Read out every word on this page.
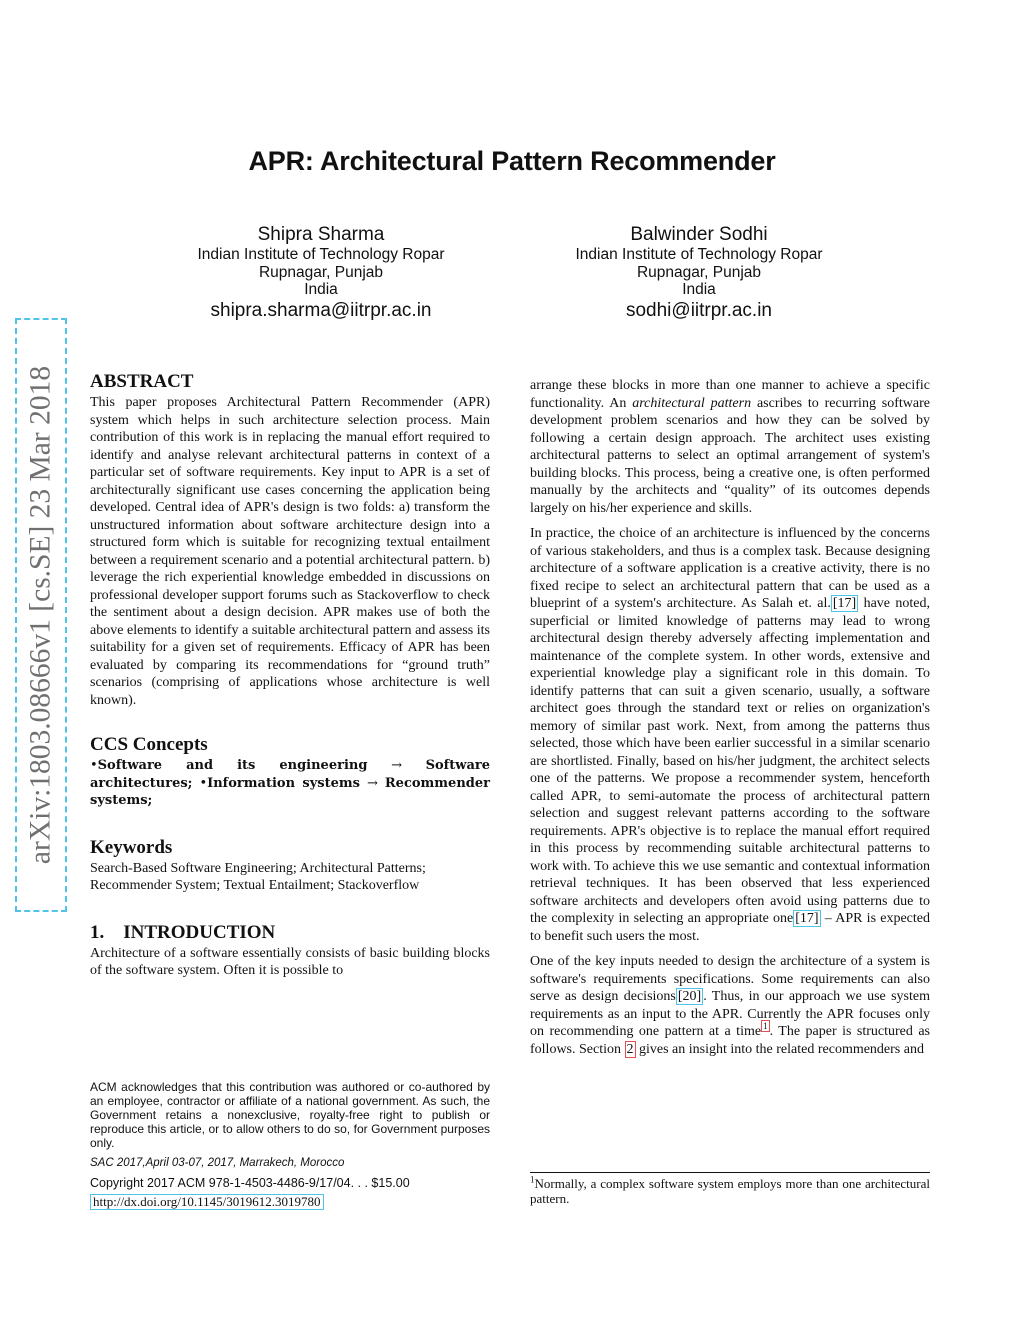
APR: Architectural Pattern Recommender
Shipra Sharma
Indian Institute of Technology Ropar
Rupnagar, Punjab
India
shipra.sharma@iitrpr.ac.in
Balwinder Sodhi
Indian Institute of Technology Ropar
Rupnagar, Punjab
India
sodhi@iitrpr.ac.in
arXiv:1803.08666v1 [cs.SE] 23 Mar 2018 ABSTRACT

This paper proposes Architectural Pattern Recommender (APR) system which helps in such architecture selection process. Main contribution of this work is in replacing the manual effort required to identify and analyse relevant architectural patterns in context of a particular set of software requirements. Key input to APR is a set of architecturally significant use cases concerning the application being developed. Central idea of APR's design is two folds: a) transform the unstructured information about software architecture design into a structured form which is suitable for recognizing textual entailment between a requirement scenario and a potential architectural pattern. b) leverage the rich experiential knowledge embedded in discussions on professional developer support forums such as Stackoverflow to check the sentiment about a design decision. APR makes use of both the above elements to identify a suitable architectural pattern and assess its suitability for a given set of requirements. Efficacy of APR has been evaluated by comparing its recommendations for “ground truth” scenarios (comprising of applications whose architecture is well known).

CCS Concepts

•Software and its engineering → Software architectures; •Information systems → Recommender systems;

Keywords

Search-Based Software Engineering; Architectural Patterns; Recommender System; Textual Entailment; Stackoverflow

1.    INTRODUCTION

Architecture of a software essentially consists of basic building blocks of the software system. Often it is possible to

ACM acknowledges that this contribution was authored or co-authored by an employee, contractor or affiliate of a national government. As such, the Government retains a nonexclusive, royalty-free right to publish or reproduce this article, or to allow others to do so, for Government purposes only.
SAC 2017,April 03-07, 2017, Marrakech, Morocco
Copyright 2017 ACM 978-1-4503-4486-9/17/04. . . $15.00
http://dx.doi.org/10.1145/3019612.3019780

arrange these blocks in more than one manner to achieve a specific functionality. An architectural pattern ascribes to recurring software development problem scenarios and how they can be solved by following a certain design approach. The architect uses existing architectural patterns to select an optimal arrangement of system's building blocks. This process, being a creative one, is often performed manually by the architects and “quality” of its outcomes depends largely on his/her experience and skills.

In practice, the choice of an architecture is influenced by the concerns of various stakeholders, and thus is a complex task. Because designing architecture of a software application is a creative activity, there is no fixed recipe to select an architectural pattern that can be used as a blueprint of a system's architecture. As Salah et. al. [17] have noted, superficial or limited knowledge of patterns may lead to wrong architectural design thereby adversely affecting implementation and maintenance of the complete system. In other words, extensive and experiential knowledge play a significant role in this domain. To identify patterns that can suit a given scenario, usually, a software architect goes through the standard text or relies on organization's memory of similar past work. Next, from among the patterns thus selected, those which have been earlier successful in a similar scenario are shortlisted. Finally, based on his/her judgment, the architect selects one of the patterns. We propose a recommender system, henceforth called APR, to semi-automate the process of architectural pattern selection and suggest relevant patterns according to the software requirements. APR's objective is to replace the manual effort required in this process by recommending suitable architectural patterns to work with. To achieve this we use semantic and contextual information retrieval techniques. It has been observed that less experienced software architects and developers often avoid using patterns due to the complexity in selecting an appropriate one [17] – APR is expected to benefit such users the most.

One of the key inputs needed to design the architecture of a system is software's requirements specifications. Some requirements can also serve as design decisions [20] . Thus, in our approach we use system requirements as an input to the APR. Currently the APR focuses only on recommending one pattern at a time $^1$ . The paper is structured as follows. Section 2 gives an insight into the related recommenders and

$^1$Normally, a complex software system employs more than one architectural pattern.
